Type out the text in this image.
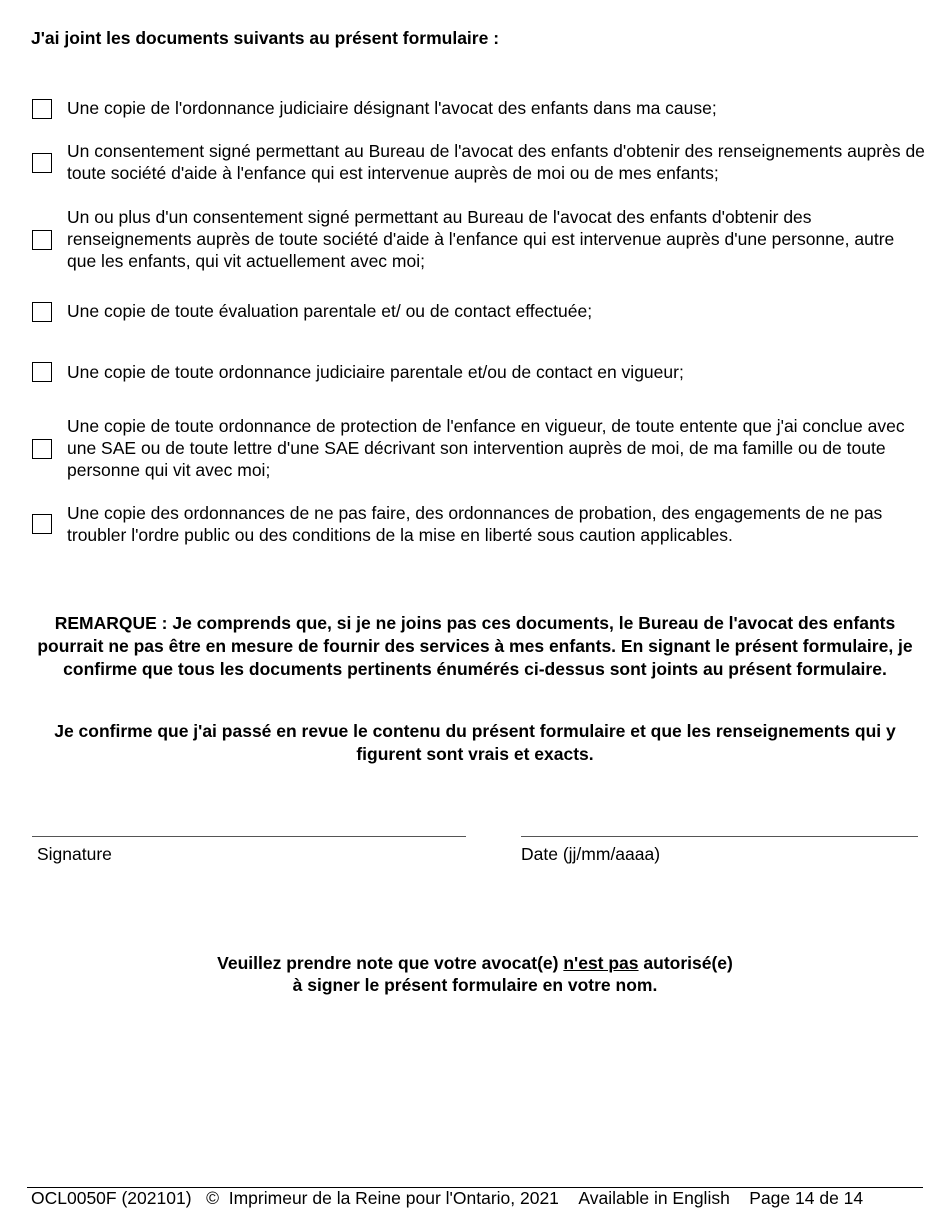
J'ai joint les documents suivants au présent formulaire :
Une copie de l'ordonnance judiciaire désignant l'avocat des enfants dans ma cause;
Un consentement signé permettant au Bureau de l'avocat des enfants d'obtenir des renseignements auprès de toute société d'aide à l'enfance qui est intervenue auprès de moi ou de mes enfants;
Un ou plus d'un consentement signé permettant au Bureau de l'avocat des enfants d'obtenir des renseignements auprès de toute société d'aide à l'enfance qui est intervenue auprès d'une personne, autre que les enfants, qui vit actuellement avec moi;
Une copie de toute évaluation parentale et/ ou de contact effectuée;
Une copie de toute ordonnance judiciaire parentale et/ou de contact en vigueur;
Une copie de toute ordonnance de protection de l'enfance en vigueur, de toute entente que j'ai conclue avec une SAE ou de toute lettre d'une SAE décrivant son intervention auprès de moi, de ma famille ou de toute personne qui vit avec moi;
Une copie des ordonnances de ne pas faire, des ordonnances de probation, des engagements de ne pas troubler l'ordre public ou des conditions de la mise en liberté sous caution applicables.
REMARQUE : Je comprends que, si je ne joins pas ces documents, le Bureau de l'avocat des enfants pourrait ne pas être en mesure de fournir des services à mes enfants. En signant le présent formulaire, je confirme que tous les documents pertinents énumérés ci-dessus sont joints au présent formulaire.
Je confirme que j'ai passé en revue le contenu du présent formulaire et que les renseignements qui y figurent sont vrais et exacts.
Signature	Date (jj/mm/aaaa)
Veuillez prendre note que votre avocat(e) n'est pas autorisé(e)
à signer le présent formulaire en votre nom.
OCL0050F (202101) ©  Imprimeur de la Reine pour l'Ontario, 2021 Available in English Page 14 de 14
